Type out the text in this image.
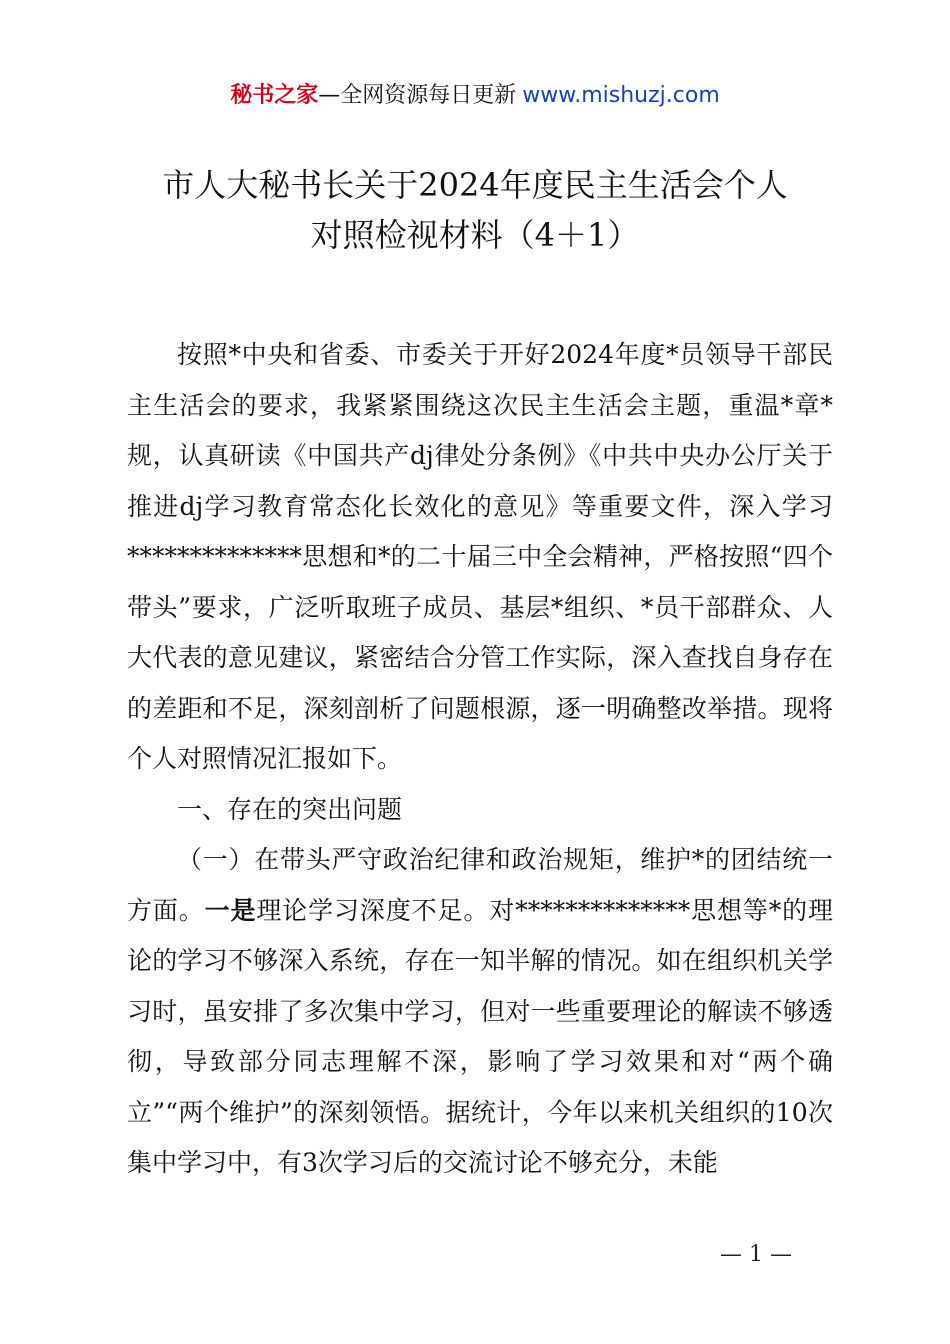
秘书之家—全网资源每日更新 www.mishuzj.com
市人大秘书长关于2024年度民主生活会个人
对照检视材料（4＋1）

按照*中央和省委、市委关于开好2024年度*员领导干部民主生活会的要求，我紧紧围绕这次民主生活会主题，重温*章*规，认真研读《中国共产dj律处分条例》《中共中央办公厅关于推进dj学习教育常态化长效化的意见》等重要文件，深入学习**************思想和*的二十届三中全会精神，严格按照“四个带头”要求，广泛听取班子成员、基层*组织、*员干部群众、人大代表的意见建议，紧密结合分管工作实际，深入查找自身存在的差距和不足，深刻剖析了问题根源，逐一明确整改举措。现将个人对照情况汇报如下。

一、存在的突出问题

（一）在带头严守政治纪律和政治规矩，维护*的团结统一方面。一是理论学习深度不足。对**************思想等*的理论的学习不够深入系统，存在一知半解的情况。如在组织机关学习时，虽安排了多次集中学习，但对一些重要理论的解读不够透彻，导致部分同志理解不深，影响了学习效果和对“两个确立”“两个维护”的深刻领悟。据统计，今年以来机关组织的10次集中学习中，有3次学习后的交流讨论不够充分，未能

— 1 —
